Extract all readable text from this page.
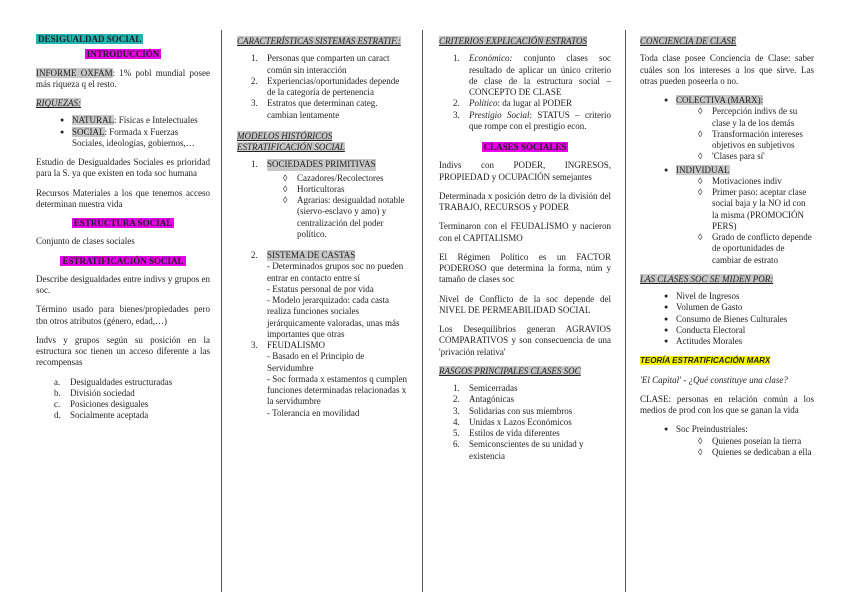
DESIGUALDAD SOCIAL
INTRODUCCIÓN

INFORME OXFAM: 1% pobl mundial posee más riqueza q el resto.

RIQUEZAS:
● NATURAL: Físicas e Intelectuales
● SOCIAL: Formada x Fuerzas Sociales, ideologías, gobiernos,…

Estudio de Desigualdades Sociales es prioridad para la S. ya que existen en toda soc humana

Recursos Materiales a los que tenemos acceso determinan nuestra vida

ESTRUCTURA SOCIAL

Conjunto de clases sociales

ESTRATIFICACIÓN SOCIAL

Describe desigualdades entre indivs y grupos en soc.

Término usado para bienes/propiedades pero tbn otros atributos (género, edad,…)

Indvs y grupos según su posición en la estructura soc tienen un acceso diferente a las recompensas

a. Desigualdades estructuradas
b. División sociedad
c. Posiciones desiguales
d. Socialmente aceptada
CARACTERÍSTICAS SISTEMAS ESTRATIF.:
1.	Personas que comparten un caract común sin interacción
2.	Experiencias/oportunidades depende de la categoría de pertenencia
3.	Estratos que determinan categ. cambian lentamente
MODELOS HISTÓRICOS ESTRATIFICACIÓN SOCIAL
1.	SOCIEDADES PRIMITIVAS
◊ Cazadores/Recolectores
◊ Horticultoras
◊ Agrarias: desigualdad notable (siervo-esclavo y amo) y centralización del poder político.
2.	SISTEMA DE CASTAS
- Determinados grupos soc no pueden entrar en contacto entre sí
- Estatus personal de por vida
- Modelo jerarquizado: cada casta realiza funciones sociales jerárquicamente valoradas, unas más importantes que otras
3.	FEUDALISMO
- Basado en el Principio de Servidumbre
- Soc formada x estamentos q cumplen funciones determinadas relacionadas x la servidumbre
- Tolerancia en movilidad
CRITERIOS EXPLICACIÓN ESTRATOS
1.	Económico: conjunto clases soc resultado de aplicar un único criterio de clase de la estructura social – CONCEPTO DE CLASE
2.	Político: da lugar al PODER
3.	Prestigio Social: STATUS – criterio que rompe con el prestigio econ.
CLASES SOCIALES

Indivs con PODER, INGRESOS, PROPIEDAD y OCUPACIÓN semejantes

Determinada x posición detro de la división del TRABAJO, RECURSOS y PODER

Terminaron con el FEUDALISMO y nacieron con el CAPITALISMO

El Régimen Político es un FACTOR PODEROSO que determina la forma, núm y tamaño de clases soc

Nivel de Conflicto de la soc depende del NIVEL DE PERMEABILIDAD SOCIAL

Los Desequilibrios generan AGRAVIOS COMPARATIVOS y son consecuencia de una 'privación relativa'

RASGOS PRINCIPALES CLASES SOC
1.	Semicerradas
2.	Antagónicas
3.	Solidarias con sus miembros
4.	Unidas x Lazos Económicos
5.	Estilos de vida diferentes
6.	Semiconscientes de su unidad y existencia
CONCIENCIA DE CLASE

Toda clase posee Conciencia de Clase: saber cuáles son los intereses a los que sirve. Las otras pueden poseerla o no.

● COLECTIVA (MARX):
◊ Percepción indivs de su clase y la de los demás
◊ Transformación intereses objetivos en subjetivos
◊ 'Clases para sí'
● INDIVIDUAL
◊ Motivaciones indiv
◊ Primer paso: aceptar clase social baja y la NO id con la misma (PROMOCIÓN PERS)
◊ Grado de conflicto depende de oportunidades de cambiar de estrato
LAS CLASES SOC SE MIDEN POR:
● Nivel de Ingresos
● Volumen de Gasto
● Consumo de Bienes Culturales
● Conducta Electoral
● Actitudes Morales
TEORÍA ESTRATIFICACIÓN MARX

'El Capital' - ¿Qué constituye una clase?

CLASE: personas en relación común a los medios de prod con los que se ganan la vida

● Soc Preindustriales:
◊ Quienes poseían la tierra
◊ Quienes se dedicaban a ella
